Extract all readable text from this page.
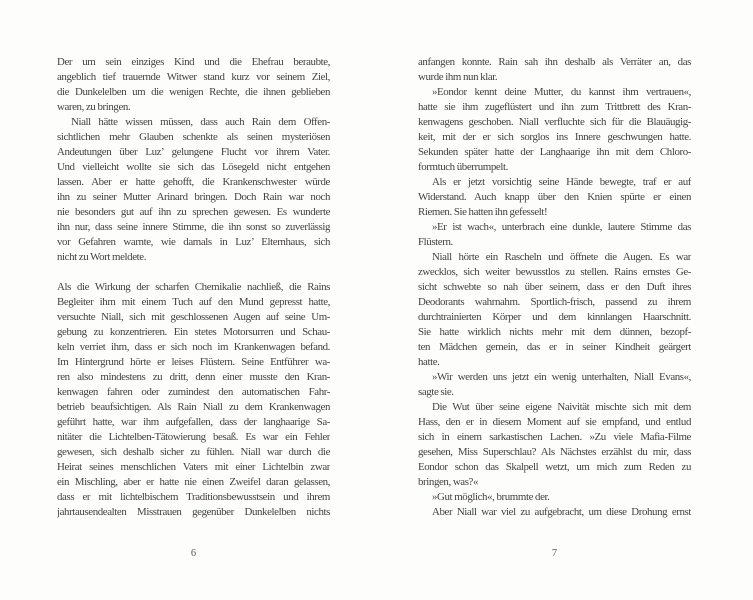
Der um sein einziges Kind und die Ehefrau beraubte,
angeblich tief trauernde Witwer stand kurz vor seinem Ziel,
die Dunkelelben um die wenigen Rechte, die ihnen geblieben
waren, zu bringen.
Niall hätte wissen müssen, dass auch Rain dem Offen-
sichtlichen mehr Glauben schenkte als seinen mysteriösen
Andeutungen über Luz’ gelungene Flucht vor ihrem Vater.
Und vielleicht wollte sie sich das Lösegeld nicht entgehen
lassen. Aber er hatte gehofft, die Krankenschwester würde
ihn zu seiner Mutter Arinard bringen. Doch Rain war noch
nie besonders gut auf ihn zu sprechen gewesen. Es wunderte
ihn nur, dass seine innere Stimme, die ihn sonst so zuverlässig
vor Gefahren warnte, wie damals in Luz’ Elternhaus, sich
nicht zu Wort meldete.
Als die Wirkung der scharfen Chemikalie nachließ, die Rains
Begleiter ihm mit einem Tuch auf den Mund gepresst hatte,
versuchte Niall, sich mit geschlossenen Augen auf seine Um-
gebung zu konzentrieren. Ein stetes Motorsurren und Schau-
keln verriet ihm, dass er sich noch im Krankenwagen befand.
Im Hintergrund hörte er leises Flüstern. Seine Entführer wa-
ren also mindestens zu dritt, denn einer musste den Kran-
kenwagen fahren oder zumindest den automatischen Fahr-
betrieb beaufsichtigen. Als Rain Niall zu dem Krankenwagen
geführt hatte, war ihm aufgefallen, dass der langhaarige Sa-
nitäter die Lichtelben-Tätowierung besaß. Es war ein Fehler
gewesen, sich deshalb sicher zu fühlen. Niall war durch die
Heirat seines menschlichen Vaters mit einer Lichtelbin zwar
ein Mischling, aber er hatte nie einen Zweifel daran gelassen,
dass er mit lichtelbischem Traditionsbewusstsein und ihrem
jahrtausendealten Misstrauen gegenüber Dunkelelben nichts
anfangen konnte. Rain sah ihn deshalb als Verräter an, das
wurde ihm nun klar.
»Eondor kennt deine Mutter, du kannst ihm vertrauen«,
hatte sie ihm zugeflüstert und ihn zum Trittbrett des Kran-
kenwagens geschoben. Niall verfluchte sich für die Blauäugig-
keit, mit der er sich sorglos ins Innere geschwungen hatte.
Sekunden später hatte der Langhaarige ihn mit dem Chloro-
formtuch überrumpelt.
Als er jetzt vorsichtig seine Hände bewegte, traf er auf
Widerstand. Auch knapp über den Knien spürte er einen
Riemen. Sie hatten ihn gefesselt!
»Er ist wach«, unterbrach eine dunkle, lautere Stimme das
Flüstern.
Niall hörte ein Rascheln und öffnete die Augen. Es war
zwecklos, sich weiter bewusstlos zu stellen. Rains ernstes Ge-
sicht schwebte so nah über seinem, dass er den Duft ihres
Deodorants wahrnahm. Sportlich-frisch, passend zu ihrem
durchtrainierten Körper und dem kinnlangen Haarschnitt.
Sie hatte wirklich nichts mehr mit dem dünnen, bezopf-
ten Mädchen gemein, das er in seiner Kindheit geärgert
hatte.
»Wir werden uns jetzt ein wenig unterhalten, Niall Evans«,
sagte sie.
Die Wut über seine eigene Naivität mischte sich mit dem
Hass, den er in diesem Moment auf sie empfand, und entlud
sich in einem sarkastischen Lachen. »Zu viele Mafia-Filme
gesehen, Miss Superschlau? Als Nächstes erzählst du mir, dass
Eondor schon das Skalpell wetzt, um mich zum Reden zu
bringen, was?«
»Gut möglich«, brummte der.
Aber Niall war viel zu aufgebracht, um diese Drohung ernst
6	7
